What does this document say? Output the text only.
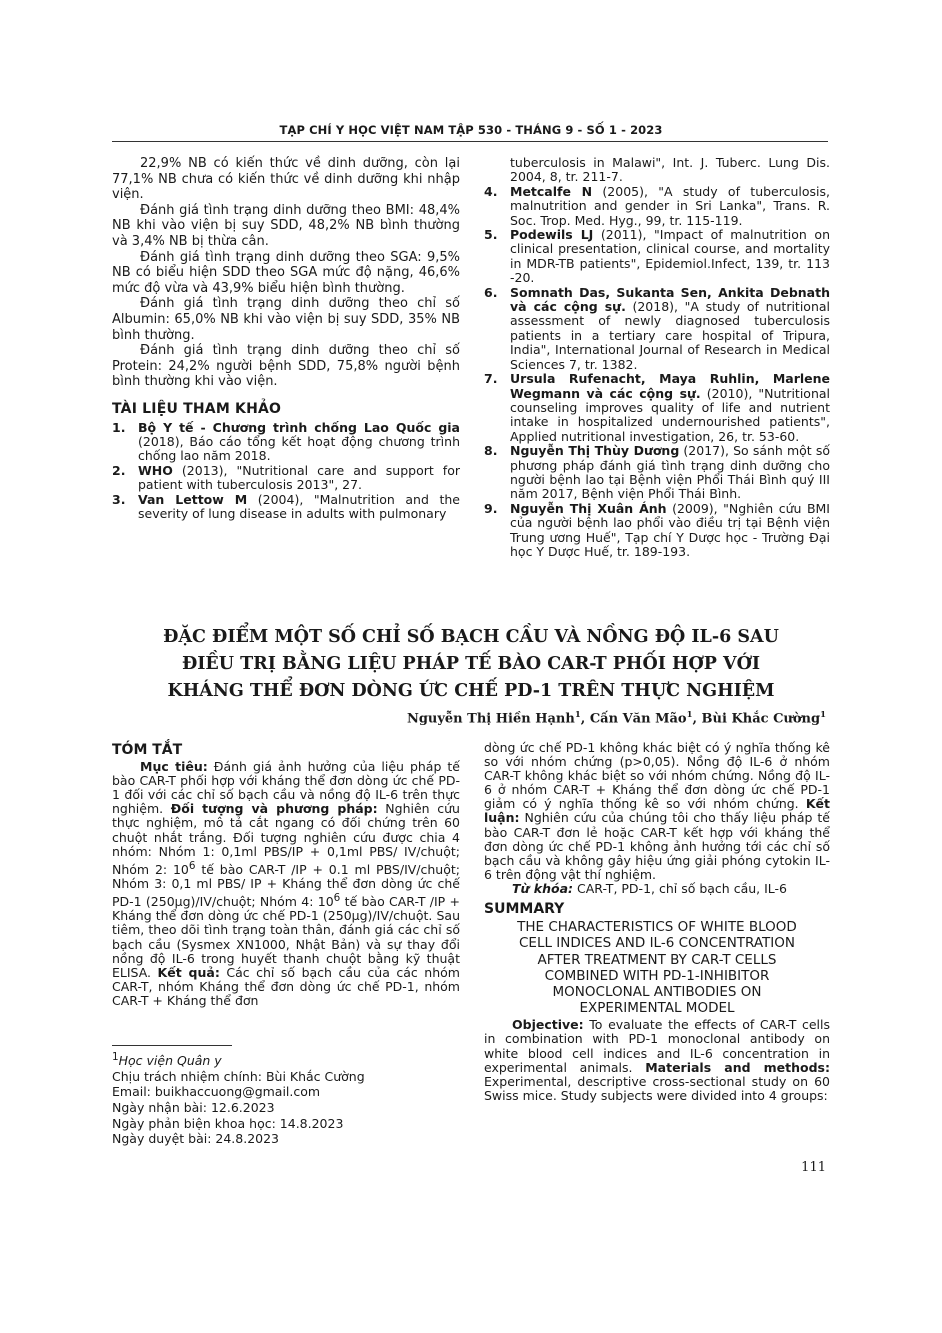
TẠP CHÍ Y HỌC VIỆT NAM TẬP 530 - THÁNG 9 - SỐ 1 - 2023

22,9% NB có kiến thức về dinh dưỡng, còn lại 77,1% NB chưa có kiến thức về dinh dưỡng khi nhập viện.

Đánh giá tình trạng dinh dưỡng theo BMI: 48,4% NB khi vào viện bị suy SDD, 48,2% NB bình thường và 3,4% NB bị thừa cân.

Đánh giá tình trạng dinh dưỡng theo SGA: 9,5% NB có biểu hiện SDD theo SGA mức độ nặng, 46,6% mức độ vừa và 43,9% biểu hiện bình thường.

Đánh giá tình trạng dinh dưỡng theo chỉ số Albumin: 65,0% NB khi vào viện bị suy SDD, 35% NB bình thường.

Đánh giá tình trạng dinh dưỡng theo chỉ số Protein: 24,2% người bệnh SDD, 75,8% người bệnh bình thường khi vào viện.

TÀI LIỆU THAM KHẢO

1. Bộ Y tế - Chương trình chống Lao Quốc gia (2018), Báo cáo tổng kết hoạt động chương trình chống lao năm 2018.

2. WHO (2013), "Nutritional care and support for patient with tuberculosis 2013", 27.

3. Van Lettow M (2004), "Malnutrition and the severity of lung disease in adults with pulmonary

tuberculosis in Malawi", Int. J. Tuberc. Lung Dis. 2004, 8, tr. 211-7.

4. Metcalfe N (2005), "A study of tuberculosis, malnutrition and gender in Sri Lanka", Trans. R. Soc. Trop. Med. Hyg., 99, tr. 115-119.

5. Podewils LJ (2011), "Impact of malnutrition on clinical presentation, clinical course, and mortality in MDR-TB patients", Epidemiol.Infect, 139, tr. 113 -20.

6. Somnath Das, Sukanta Sen, Ankita Debnath và các cộng sự. (2018), "A study of nutritional assessment of newly diagnosed tuberculosis patients in a tertiary care hospital of Tripura, India", International Journal of Research in Medical Sciences 7, tr. 1382.

7. Ursula Rufenacht, Maya Ruhlin, Marlene Wegmann và các cộng sự. (2010), "Nutritional counseling improves quality of life and nutrient intake in hospitalized undernourished patients", Applied nutritional investigation, 26, tr. 53-60.

8. Nguyễn Thị Thùy Dương (2017), So sánh một số phương pháp đánh giá tình trạng dinh dưỡng cho người bệnh lao tại Bệnh viện Phổi Thái Bình quý III năm 2017, Bệnh viện Phổi Thái Bình.

9. Nguyễn Thị Xuân Ánh (2009), "Nghiên cứu BMI của người bệnh lao phổi vào điều trị tại Bệnh viện Trung ương Huế", Tạp chí Y Dược học - Trường Đại học Y Dược Huế, tr. 189-193.

ĐẶC ĐIỂM MỘT SỐ CHỈ SỐ BẠCH CẦU VÀ NỒNG ĐỘ IL-6 SAU
ĐIỀU TRỊ BẰNG LIỆU PHÁP TẾ BÀO CAR-T PHỐI HỢP VỚI
KHÁNG THỂ ĐƠN DÒNG ỨC CHẾ PD-1 TRÊN THỰC NGHIỆM
Nguyễn Thị Hiền Hạnh$^1$, Cấn Văn Mão$^1$, Bùi Khắc Cường$^1$

TÓM TẮT

Mục tiêu: Đánh giá ảnh hưởng của liệu pháp tế bào CAR-T phối hợp với kháng thể đơn dòng ức chế PD-1 đối với các chỉ số bạch cầu và nồng độ IL-6 trên thực nghiệm. Đối tượng và phương pháp: Nghiên cứu thực nghiệm, mô tả cắt ngang có đối chứng trên 60 chuột nhắt trắng. Đối tượng nghiên cứu được chia 4 nhóm: Nhóm 1: 0,1ml PBS/IP + 0,1ml PBS/ IV/chuột; Nhóm 2: $10^6$ tế bào CAR-T /IP + 0.1 ml PBS/IV/chuột; Nhóm 3: 0,1 ml PBS/ IP + Kháng thể đơn dòng ức chế PD-1 (250µg)/IV/chuột; Nhóm 4: $10^6$ tế bào CAR-T /IP + Kháng thể đơn dòng ức chế PD-1 (250µg)/IV/chuột. Sau tiêm, theo dõi tình trạng toàn thân, đánh giá các chỉ số bạch cầu (Sysmex XN1000, Nhật Bản) và sự thay đổi nồng độ IL-6 trong huyết thanh chuột bằng kỹ thuật ELISA. Kết quả: Các chỉ số bạch cầu của các nhóm CAR-T, nhóm Kháng thể đơn dòng ức chế PD-1, nhóm CAR-T + Kháng thể đơn

dòng ức chế PD-1 không khác biệt có ý nghĩa thống kê so với nhóm chứng (p>0,05). Nồng độ IL-6 ở nhóm CAR-T không khác biệt so với nhóm chứng. Nồng độ IL-6 ở nhóm CAR-T + Kháng thể đơn dòng ức chế PD-1 giảm có ý nghĩa thống kê so với nhóm chứng. Kết luận: Nghiên cứu của chúng tôi cho thấy liệu pháp tế bào CAR-T đơn lẻ hoặc CAR-T kết hợp với kháng thể đơn dòng ức chế PD-1 không ảnh hưởng tới các chỉ số bạch cầu và không gây hiệu ứng giải phóng cytokin IL-6 trên động vật thí nghiệm.

Từ khóa: CAR-T, PD-1, chỉ số bạch cầu, IL-6

SUMMARY

THE CHARACTERISTICS OF WHITE BLOOD
CELL INDICES AND IL-6 CONCENTRATION
AFTER TREATMENT BY CAR-T CELLS
COMBINED WITH PD-1-INHIBITOR
MONOCLONAL ANTIBODIES ON
EXPERIMENTAL MODEL

Objective: To evaluate the effects of CAR-T cells in combination with PD-1 monoclonal antibody on white blood cell indices and IL-6 concentration in experimental animals. Materials and methods: Experimental, descriptive cross-sectional study on 60 Swiss mice. Study subjects were divided into 4 groups:

$^1$Học viện Quân y
Chịu trách nhiệm chính: Bùi Khắc Cường
Email: buikhaccuong@gmail.com
Ngày nhận bài: 12.6.2023
Ngày phản biện khoa học: 14.8.2023
Ngày duyệt bài: 24.8.2023
111
